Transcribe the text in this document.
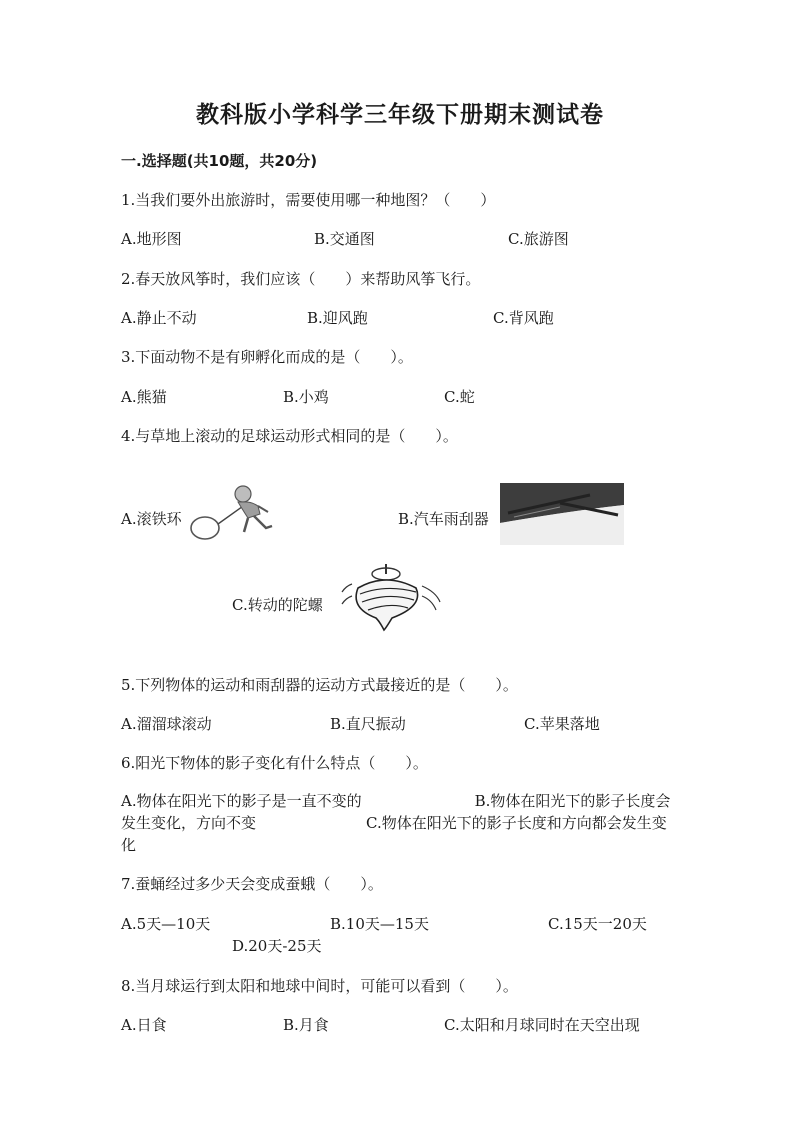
教科版小学科学三年级下册期末测试卷
一.选择题(共10题，共20分)
1.当我们要外出旅游时，需要使用哪一种地图？（　　）
A.地形图	B.交通图	C.旅游图
2.春天放风筝时，我们应该（　　）来帮助风筝飞行。
A.静止不动	B.迎风跑	C.背风跑
3.下面动物不是有卵孵化而成的是（　　）。
A.熊猫	B.小鸡	C.蛇
4.与草地上滚动的足球运动形式相同的是（　　）。
A.滚铁环	B.汽车雨刮器
C.转动的陀螺
5.下列物体的运动和雨刮器的运动方式最接近的是（　　）。
A.溜溜球滚动	B.直尺振动	C.苹果落地
6.阳光下物体的影子变化有什么特点（　　）。
A.物体在阳光下的影子是一直不变的	B.物体在阳光下的影子长度会发生变化，方向不变	C.物体在阳光下的影子长度和方向都会发生变化
7.蚕蛹经过多少天会变成蚕蛾（　　）。
A.5天—10天	B.10天—15天	C.15天一20天
D.20天-25天
8.当月球运行到太阳和地球中间时，可能可以看到（　　）。
A.日食	B.月食	C.太阳和月球同时在天空出现
